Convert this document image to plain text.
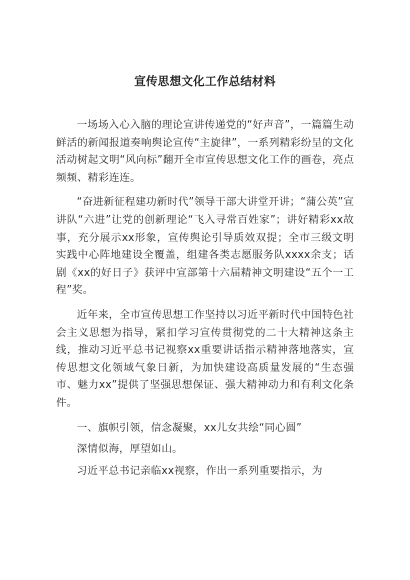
宣传思想文化工作总结材料

一场场入心入脑的理论宣讲传递党的“好声音”，一篇篇生动鲜活的新闻报道奏响舆论宣传“主旋律”，一系列精彩纷呈的文化活动树起文明“风向标”翻开全市宣传思想文化工作的画卷，亮点频频、精彩连连。

“奋进新征程建功新时代”领导干部大讲堂开讲；“蒲公英”宣讲队“六进”让党的创新理论“飞入寻常百姓家”；讲好精彩xx故事，充分展示xx形象，宣传舆论引导质效双提；全市三级文明实践中心阵地建设全覆盖，组建各类志愿服务队xxxx余支；话剧《xx的好日子》获评中宣部第十六届精神文明建设“五个一工程”奖。

近年来，全市宣传思想工作坚持以习近平新时代中国特色社会主义思想为指导，紧扣学习宣传贯彻党的二十大精神这条主线，推动习近平总书记视察xx重要讲话指示精神落地落实，宣传思想文化领域气象日新，为加快建设高质量发展的“生态强市、魅力xx”提供了坚强思想保证、强大精神动力和有利文化条件。

一、旗帜引领，信念凝聚，xx儿女共绘“同心圆”

深情似海，厚望如山。

习近平总书记亲临xx视察，作出一系列重要指示，为
